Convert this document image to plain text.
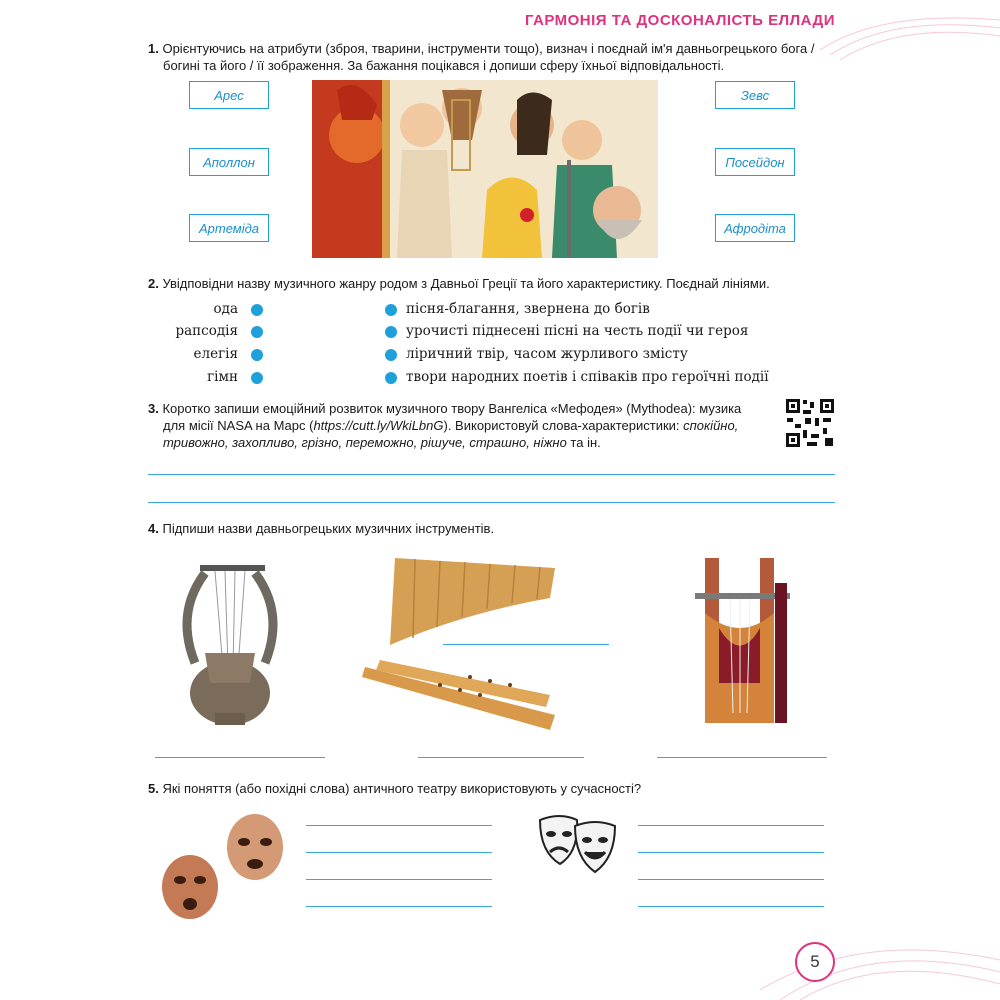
ГАРМОНІЯ ТА ДОСКОНАЛІСТЬ ЕЛЛАДИ
1. Орієнтуючись на атрибути (зброя, тварини, інструменти тощо), визнач і поєднай ім'я давньогрецького бога /
богині та його / її зображення. За бажання поцікався і допиши сферу їхньої відповідальності.
Арес
Аполлон
Артеміда
Зевс
Посейдон
Афродіта
2. Увідповідни назву музичного жанру родом з Давньої Греції та його характеристику. Поєднай лініями.
ода
рапсодія
елегія
гімн
пісня-благання, звернена до богів
урочисті піднесені пісні на честь події чи героя
ліричний твір, часом журливого змісту
твори народних поетів і співаків про героїчні події
3. Коротко запиши емоційний розвиток музичного твору Вангеліса «Мефодея» (Mythodea): музика
для місії NASA на Марс (https://cutt.ly/WkiLbnG). Використовуй слова-характеристики: спокійно,
тривожно, захопливо, грізно, переможно, рішуче, страшно, ніжно та ін.
4. Підпиши назви давньогрецьких музичних інструментів.
5. Які поняття (або похідні слова) античного театру використовують у сучасності?
5
